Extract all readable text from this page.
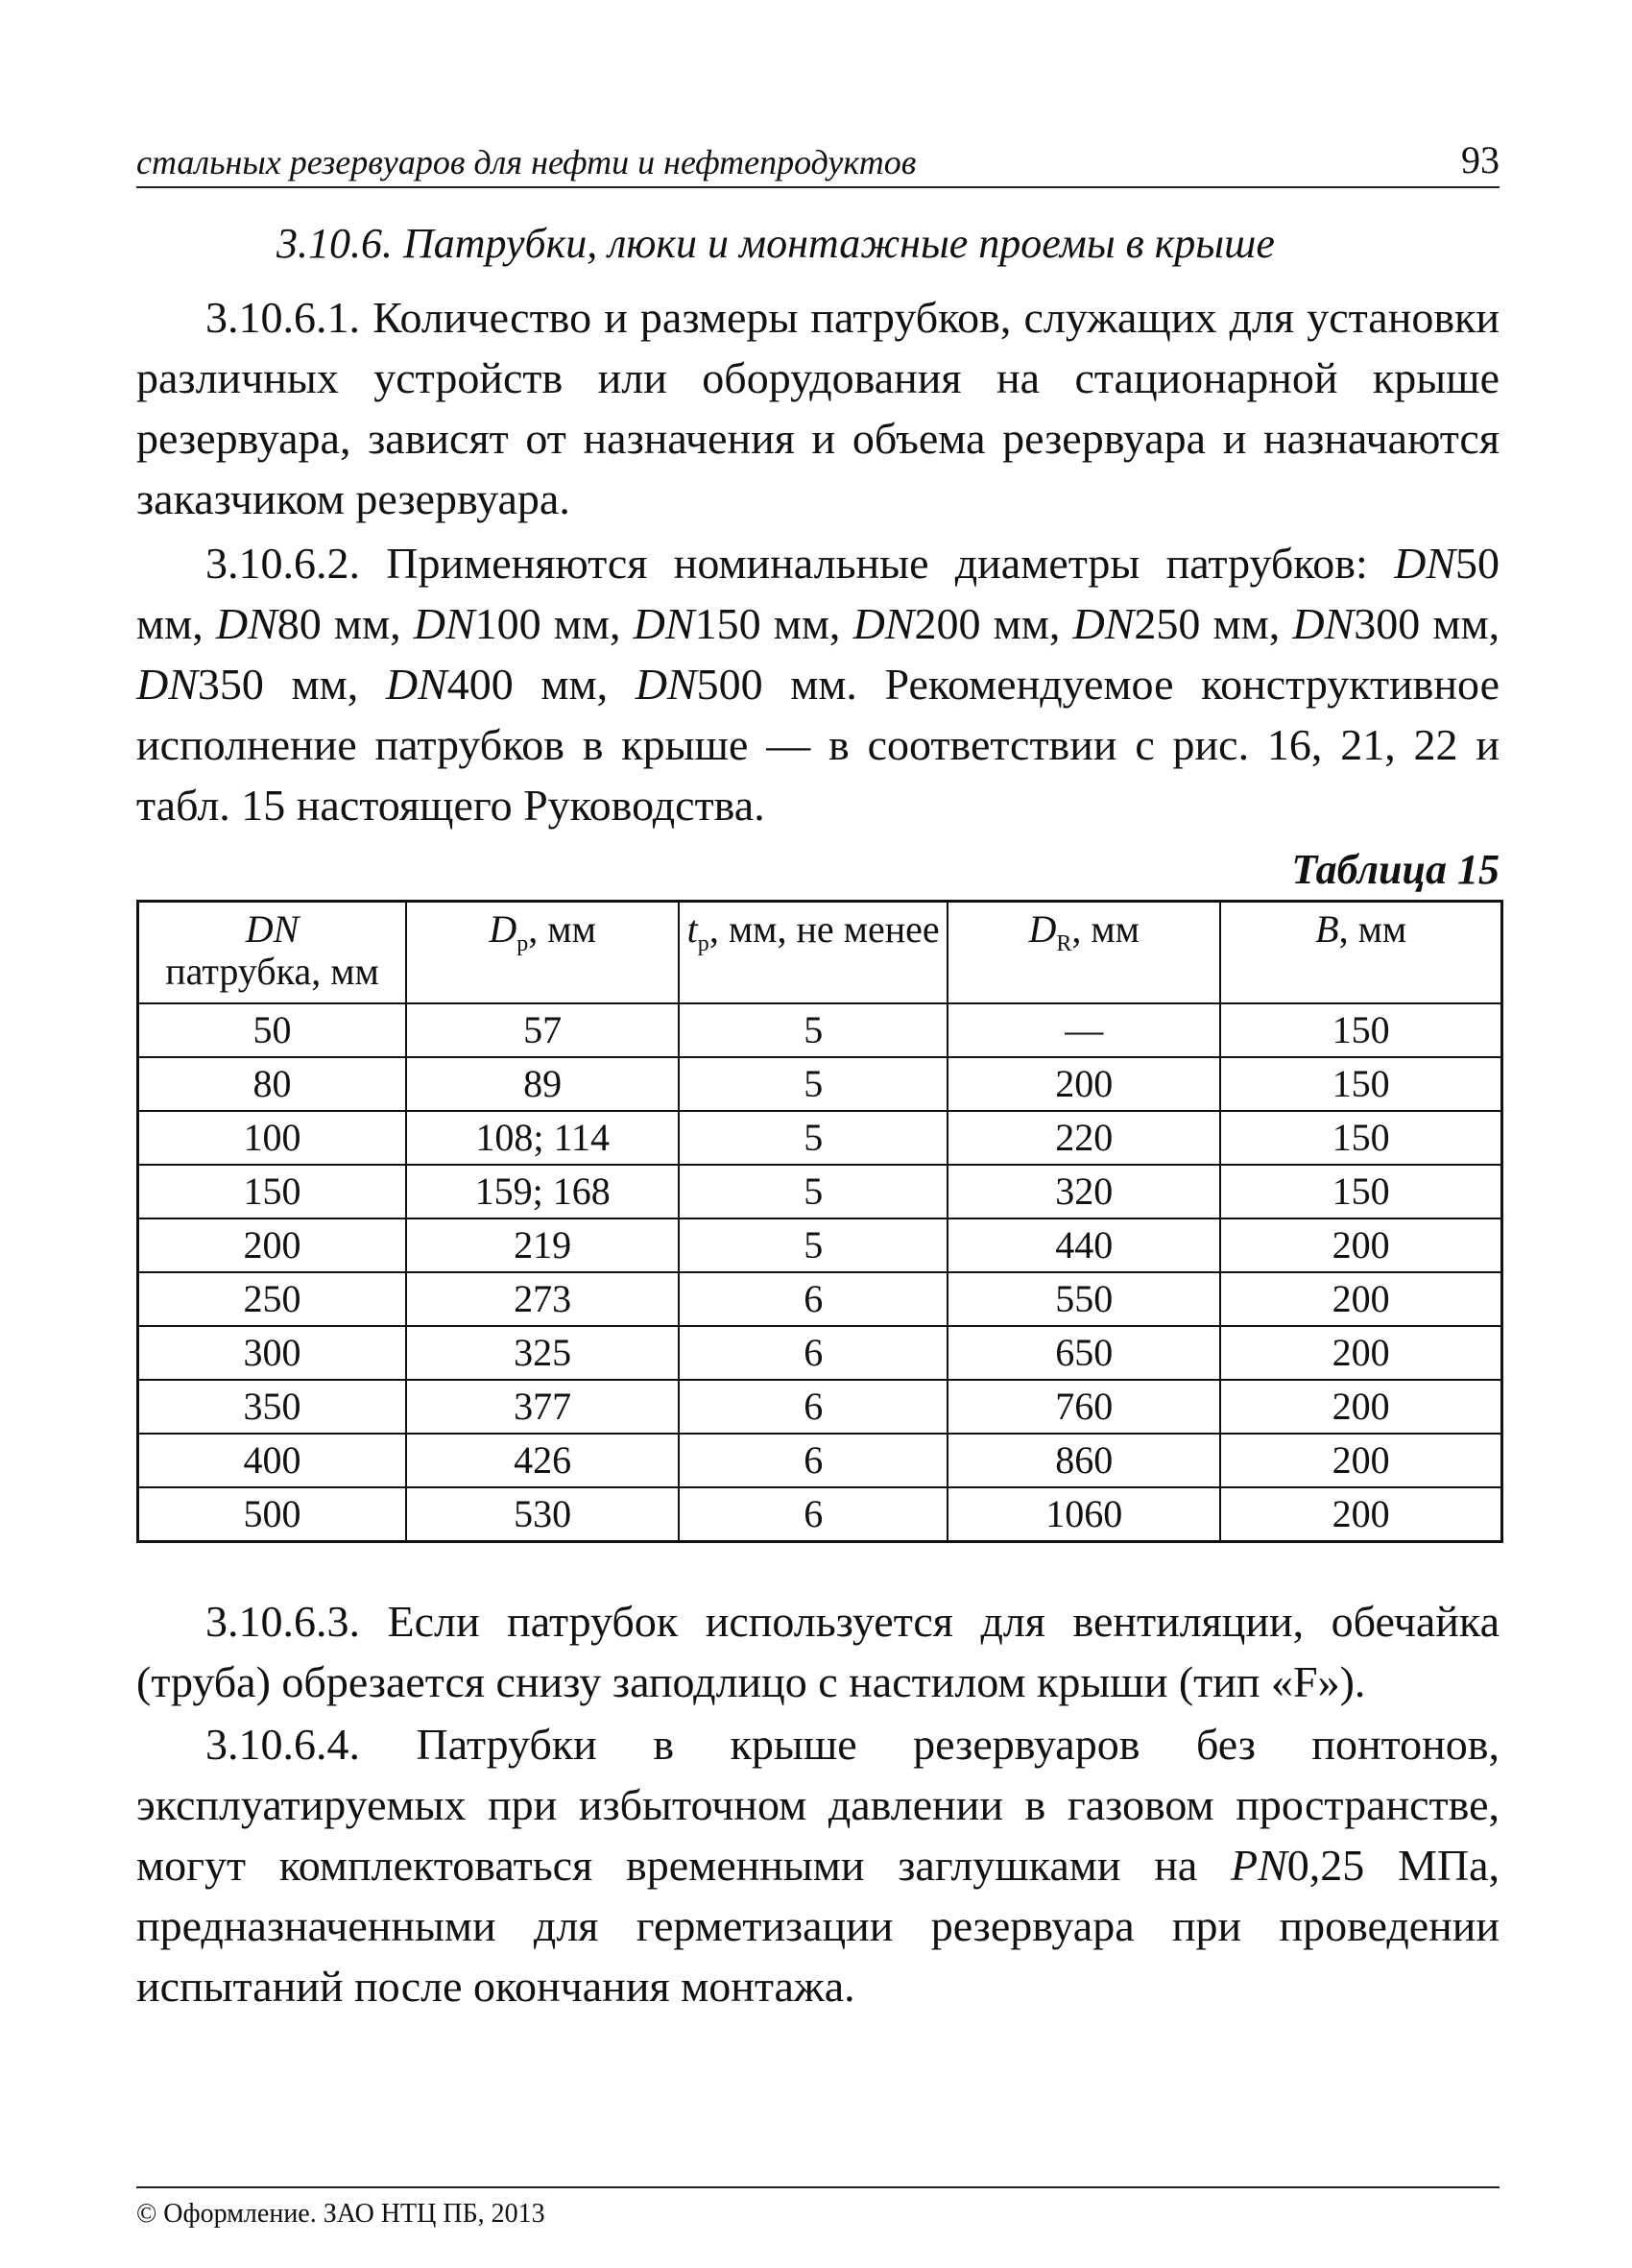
стальных резервуаров для нефти и нефтепродуктов	93
3.10.6. Патрубки, люки и монтажные проемы в крыше

3.10.6.1. Количество и размеры патрубков, служащих для установки различных устройств или оборудования на стационарной крыше резервуара, зависят от назначения и объема резервуара и назначаются заказчиком резервуара.

3.10.6.2. Применяются номинальные диаметры патрубков: DN50 мм, DN80 мм, DN100 мм, DN150 мм, DN200 мм, DN250 мм, DN300 мм, DN350 мм, DN400 мм, DN500 мм. Рекомендуемое конструктивное исполнение патрубков в крыше — в соответствии с рис. 16, 21, 22 и табл. 15 настоящего Руководства.

Таблица 15
DN
патрубка, мм	$D_p$, мм	$t_p$, мм, не менее	$D_R$, мм	B, мм
50	57	5	—	150
80	89	5	200	150
100	108; 114	5	220	150
150	159; 168	5	320	150
200	219	5	440	200
250	273	6	550	200
300	325	6	650	200
350	377	6	760	200
400	426	6	860	200
500	530	6	1060	200

3.10.6.3. Если патрубок используется для вентиляции, обечайка (труба) обрезается снизу заподлицо с настилом крыши (тип «F»).

3.10.6.4. Патрубки в крыше резервуаров без понтонов, эксплуатируемых при избыточном давлении в газовом пространстве, могут комплектоваться временными заглушками на PN0,25 МПа, предназначенными для герметизации резервуара при проведении испытаний после окончания монтажа.

© Оформление. ЗАО НТЦ ПБ, 2013
